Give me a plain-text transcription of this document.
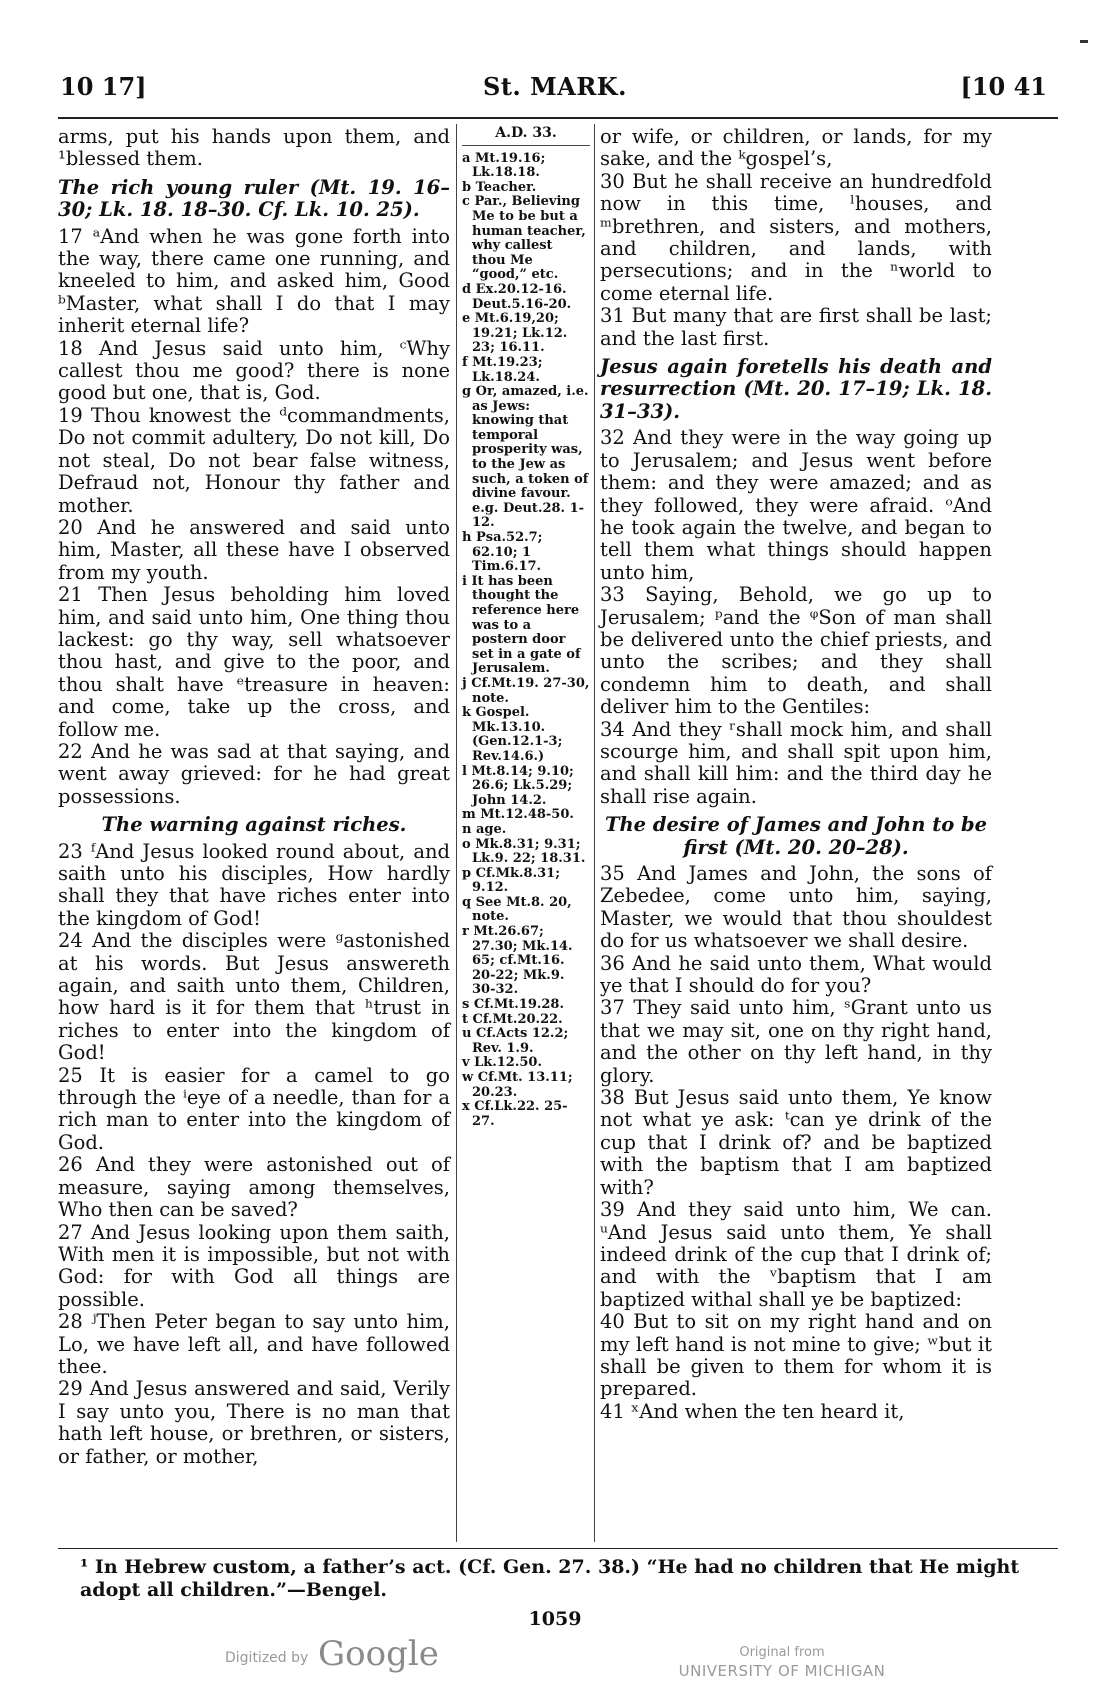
10 17]	St. MARK.	[10 41

arms, put his hands upon them, and ¹blessed them.

The rich young ruler (Mt. 19. 16–30; Lk. 18. 18–30. Cf. Lk. 10. 25).

17 ᵃAnd when he was gone forth into the way, there came one running, and kneeled to him, and asked him, Good ᵇMaster, what shall I do that I may inherit eternal life?

18 And Jesus said unto him, ᶜWhy callest thou me good? there is none good but one, that is, God.

19 Thou knowest the ᵈcommandments, Do not commit adultery, Do not kill, Do not steal, Do not bear false witness, Defraud not, Honour thy father and mother.

20 And he answered and said unto him, Master, all these have I observed from my youth.

21 Then Jesus beholding him loved him, and said unto him, One thing thou lackest: go thy way, sell whatsoever thou hast, and give to the poor, and thou shalt have ᵉtreasure in heaven: and come, take up the cross, and follow me.

22 And he was sad at that saying, and went away grieved: for he had great possessions.

The warning against riches.

23 ᶠAnd Jesus looked round about, and saith unto his disciples, How hardly shall they that have riches enter into the kingdom of God!

24 And the disciples were ᵍastonished at his words. But Jesus answereth again, and saith unto them, Children, how hard is it for them that ʰtrust in riches to enter into the kingdom of God!

25 It is easier for a camel to go through the ⁱeye of a needle, than for a rich man to enter into the kingdom of God.

26 And they were astonished out of measure, saying among themselves, Who then can be saved?

27 And Jesus looking upon them saith, With men it is impossible, but not with God: for with God all things are possible.

28 ʲThen Peter began to say unto him, Lo, we have left all, and have followed thee.

29 And Jesus answered and said, Verily I say unto you, There is no man that hath left house, or brethren, or sisters, or father, or mother,

A.D. 33.
a Mt.19.16; Lk.18.18.
b Teacher.
c Par., Believing Me to be but a human teacher, why callest thou Me “good,” etc.
d Ex.20.12-16. Deut.5.16-20.
e Mt.6.19,20; 19.21; Lk.12. 23; 16.11.
f Mt.19.23; Lk.18.24.
g Or, amazed, i.e. as Jews: knowing that temporal prosperity was, to the Jew as such, a token of divine favour. e.g. Deut.28. 1-12.
h Psa.52.7; 62.10; 1 Tim.6.17.
i It has been thought the reference here was to a postern door set in a gate of Jerusalem.
j Cf.Mt.19. 27-30, note.
k Gospel. Mk.13.10. (Gen.12.1-3; Rev.14.6.)
l Mt.8.14; 9.10; 26.6; Lk.5.29; John 14.2.
m Mt.12.48-50.
n age.
o Mk.8.31; 9.31; Lk.9. 22; 18.31.
p Cf.Mk.8.31; 9.12.
q See Mt.8. 20, note.
r Mt.26.67; 27.30; Mk.14. 65; cf.Mt.16. 20-22; Mk.9. 30-32.
s Cf.Mt.19.28.
t Cf.Mt.20.22.
u Cf.Acts 12.2; Rev. 1.9.
v Lk.12.50.
w Cf.Mt. 13.11; 20.23.
x Cf.Lk.22. 25-27.

or wife, or children, or lands, for my sake, and the ᵏgospel’s,

30 But he shall receive an hundredfold now in this time, ˡhouses, and ᵐbrethren, and sisters, and mothers, and children, and lands, with persecutions; and in the ⁿworld to come eternal life.

31 But many that are first shall be last; and the last first.

Jesus again foretells his death and resurrection (Mt. 20. 17–19; Lk. 18. 31–33).

32 And they were in the way going up to Jerusalem; and Jesus went before them: and they were amazed; and as they followed, they were afraid. ᵒAnd he took again the twelve, and began to tell them what things should happen unto him,

33 Saying, Behold, we go up to Jerusalem; ᵖand the ᵠSon of man shall be delivered unto the chief priests, and unto the scribes; and they shall condemn him to death, and shall deliver him to the Gentiles:

34 And they ʳshall mock him, and shall scourge him, and shall spit upon him, and shall kill him: and the third day he shall rise again.

The desire of James and John to be first (Mt. 20. 20–28).

35 And James and John, the sons of Zebedee, come unto him, saying, Master, we would that thou shouldest do for us whatsoever we shall desire.

36 And he said unto them, What would ye that I should do for you?

37 They said unto him, ˢGrant unto us that we may sit, one on thy right hand, and the other on thy left hand, in thy glory.

38 But Jesus said unto them, Ye know not what ye ask: ᵗcan ye drink of the cup that I drink of? and be baptized with the baptism that I am baptized with?

39 And they said unto him, We can. ᵘAnd Jesus said unto them, Ye shall indeed drink of the cup that I drink of; and with the ᵛbaptism that I am baptized withal shall ye be baptized:

40 But to sit on my right hand and on my left hand is not mine to give; ʷbut it shall be given to them for whom it is prepared.

41 ˣAnd when the ten heard it,

¹ In Hebrew custom, a father’s act. (Cf. Gen. 27. 38.) “He had no children that He might adopt all children.”—Bengel.
1059
Digitized by Google	Original from
UNIVERSITY OF MICHIGAN
